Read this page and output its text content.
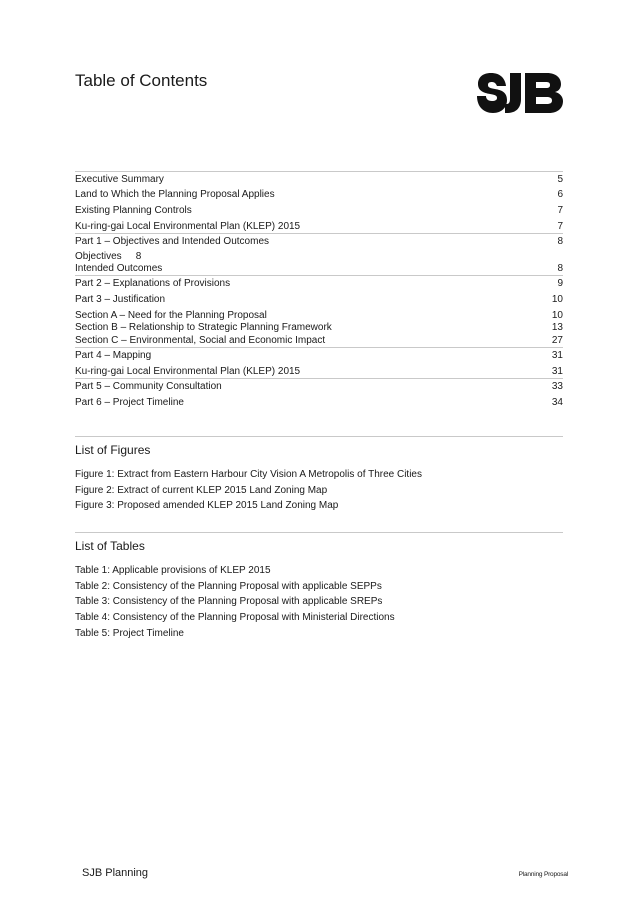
Table of Contents
Executive Summary	5
Land to Which the Planning Proposal Applies	6
Existing Planning Controls	7
Ku-ring-gai Local Environmental Plan (KLEP) 2015	7
Part 1 – Objectives and Intended Outcomes	8
Objectives 8
Intended Outcomes	8
Part 2 – Explanations of Provisions	9
Part 3 – Justification	10
Section A – Need for the Planning Proposal	10
Section B – Relationship to Strategic Planning Framework	13
Section C – Environmental, Social and Economic Impact	27
Part 4 – Mapping	31
Ku-ring-gai Local Environmental Plan (KLEP) 2015	31
Part 5 – Community Consultation	33
Part 6 – Project Timeline	34
List of Figures
Figure 1: Extract from Eastern Harbour City Vision A Metropolis of Three Cities
Figure 2: Extract of current KLEP 2015 Land Zoning Map
Figure 3: Proposed amended KLEP 2015 Land Zoning Map
List of Tables
Table 1: Applicable provisions of KLEP 2015
Table 2: Consistency of the Planning Proposal with applicable SEPPs
Table 3: Consistency of the Planning Proposal with applicable SREPs
Table 4: Consistency of the Planning Proposal with Ministerial Directions
Table 5: Project Timeline
SJB Planning	Planning Proposal
